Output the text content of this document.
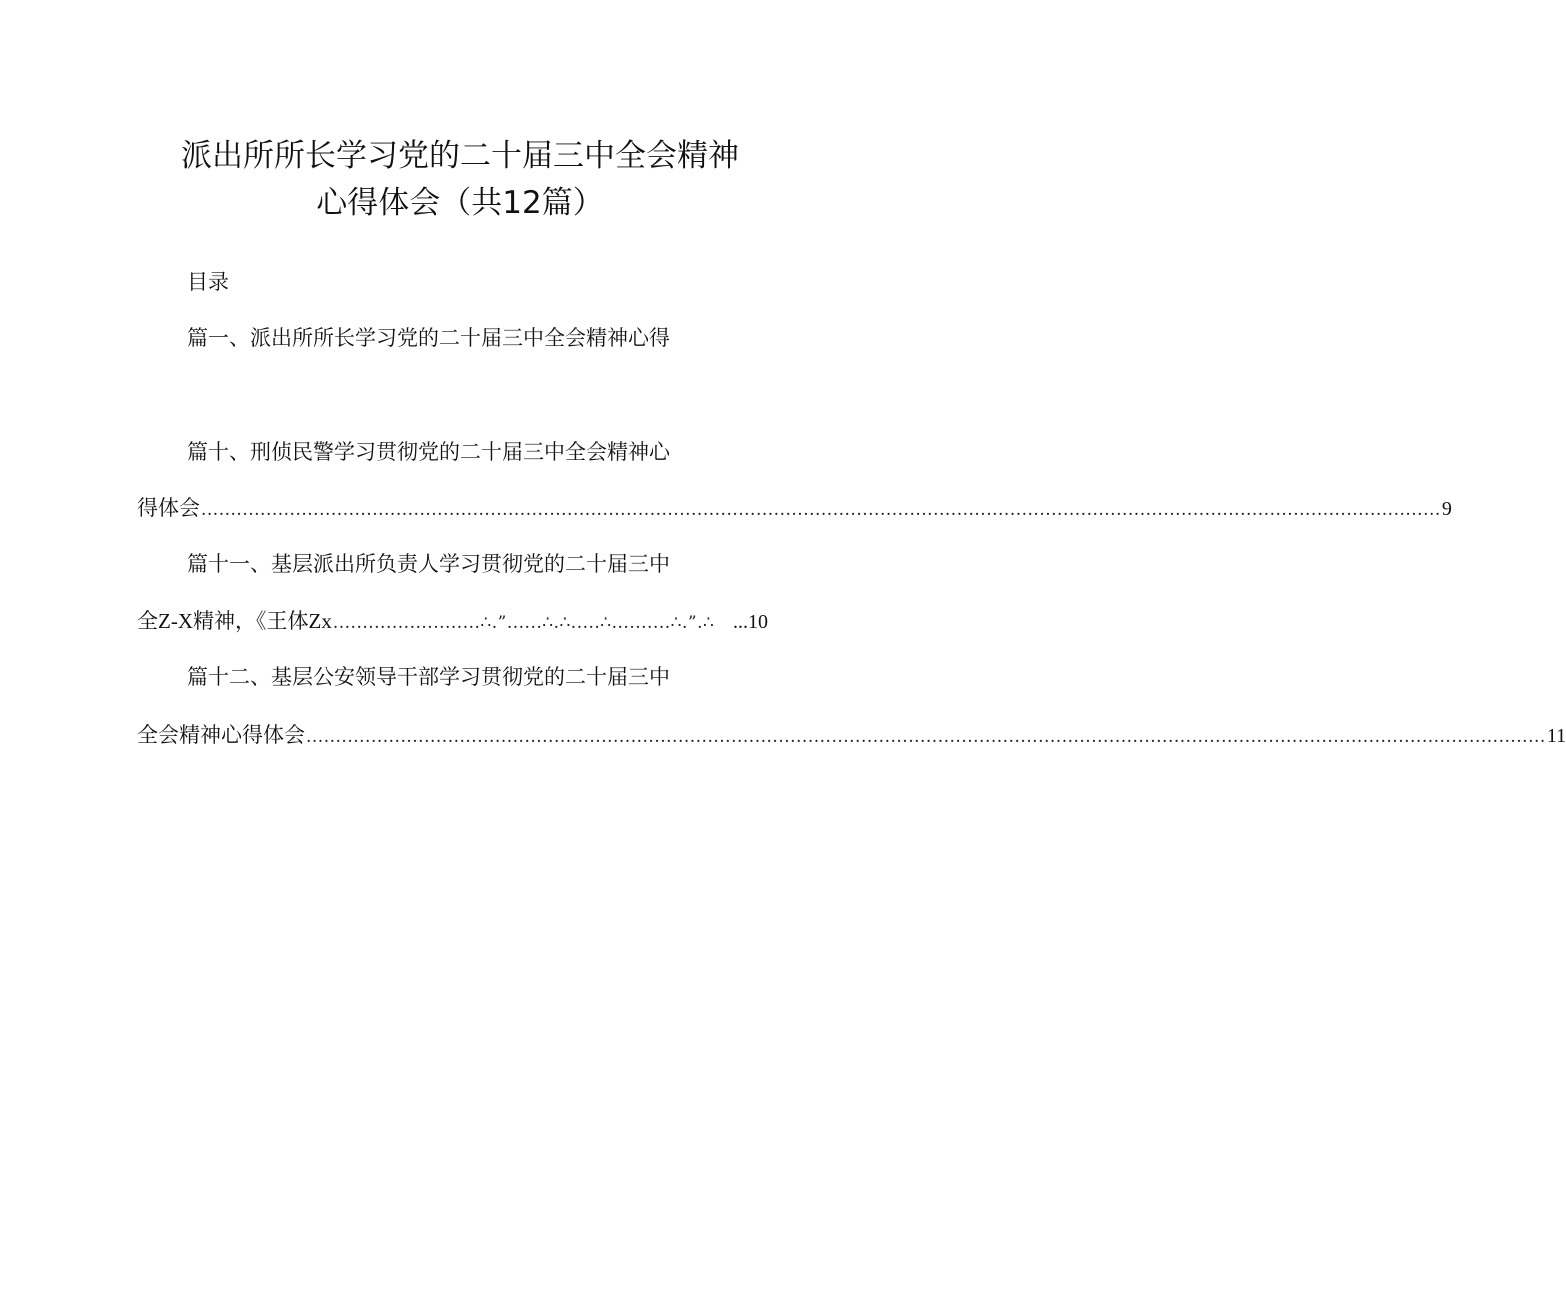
派出所所长学习党的二十届三中全会精神
心得体会（共12篇）
目录
篇一、派出所所长学习党的二十届三中全会精神心得
篇十、刑侦民警学习贯彻党的二十届三中全会精神心
得体会 .................................................................................................................................................................................................................. 9
篇十一、基层派出所负责人学习贯彻党的二十届三中
全 Z-X 精神，《王体 Zx .........................∴.”......∴.∴.....∴..........∴.”.∴ ...10
篇十二、基层公安领导干部学习贯彻党的二十届三中
全会精神心得体会 .................................................................................................................................................................................................................. 11
